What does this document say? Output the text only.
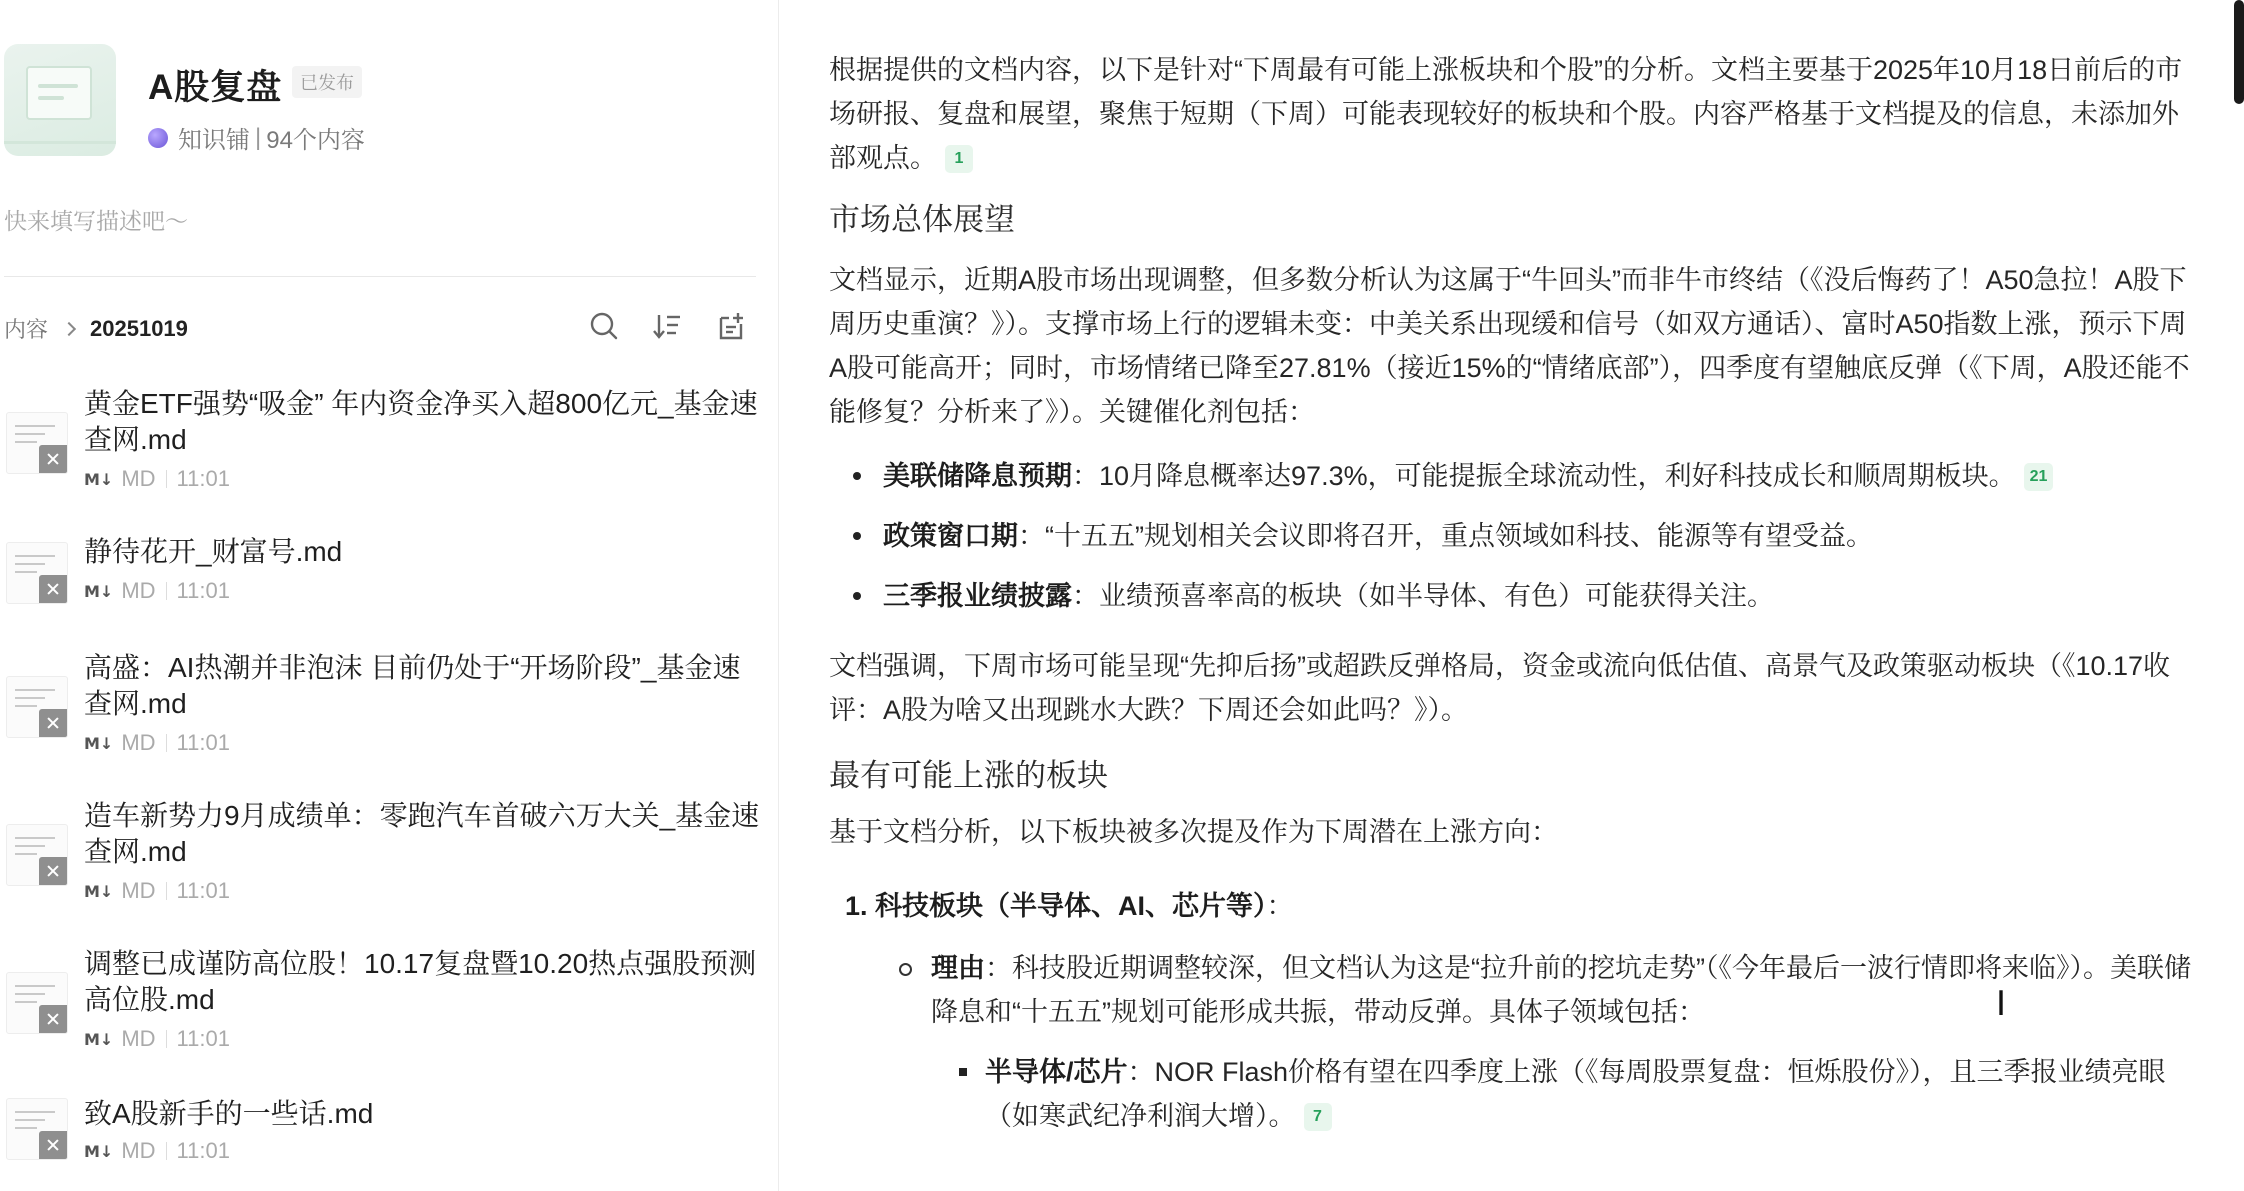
A股复盘 已发布
知识铺 | 94个内容
快来填写描述吧～
内容 20251019
黄金ETF强势“吸金” 年内资金净买入超800亿元_基金速查网.md
M↓ MD 11:01
静待花开_财富号.md
M↓ MD 11:01
高盛：AI热潮并非泡沫 目前仍处于“开场阶段”_基金速查网.md
M↓ MD 11:01
造车新势力9月成绩单：零跑汽车首破六万大关_基金速查网.md
M↓ MD 11:01
调整已成谨防高位股！10.17复盘暨10.20热点强股预测高位股.md
M↓ MD 11:01
致A股新手的一些话.md
M↓ MD 11:01
根据提供的文档内容，以下是针对“下周最有可能上涨板块和个股”的分析。文档主要基于2025年10月18日前后的市场研报、复盘和展望，聚焦于短期（下周）可能表现较好的板块和个股。内容严格基于文档提及的信息，未添加外部观点。 1
市场总体展望
文档显示，近期A股市场出现调整，但多数分析认为这属于“牛回头”而非牛市终结（《没后悔药了！A50急拉！A股下周历史重演？》）。支撑市场上行的逻辑未变：中美关系出现缓和信号（如双方通话）、富时A50指数上涨，预示下周A股可能高开；同时，市场情绪已降至27.81%（接近15%的“情绪底部”），四季度有望触底反弹（《下周，A股还能不能修复？分析来了》）。关键催化剂包括：
美联储降息预期：10月降息概率达97.3%，可能提振全球流动性，利好科技成长和顺周期板块。 21
政策窗口期：“十五五”规划相关会议即将召开，重点领域如科技、能源等有望受益。
三季报业绩披露：业绩预喜率高的板块（如半导体、有色）可能获得关注。
文档强调，下周市场可能呈现“先抑后扬”或超跌反弹格局，资金或流向低估值、高景气及政策驱动板块（《10.17收评：A股为啥又出现跳水大跌？下周还会如此吗？》）。
最有可能上涨的板块
基于文档分析，以下板块被多次提及作为下周潜在上涨方向：
1. 科技板块（半导体、AI、芯片等）：
理由：科技股近期调整较深，但文档认为这是“拉升前的挖坑走势”（《今年最后一波行情即将来临》）。美联储降息和“十五五”规划可能形成共振，带动反弹。具体子领域包括：
半导体/芯片：NOR Flash价格有望在四季度上涨（《每周股票复盘：恒烁股份》），且三季报业绩亮眼（如寒武纪净利润大增）。 7
I
